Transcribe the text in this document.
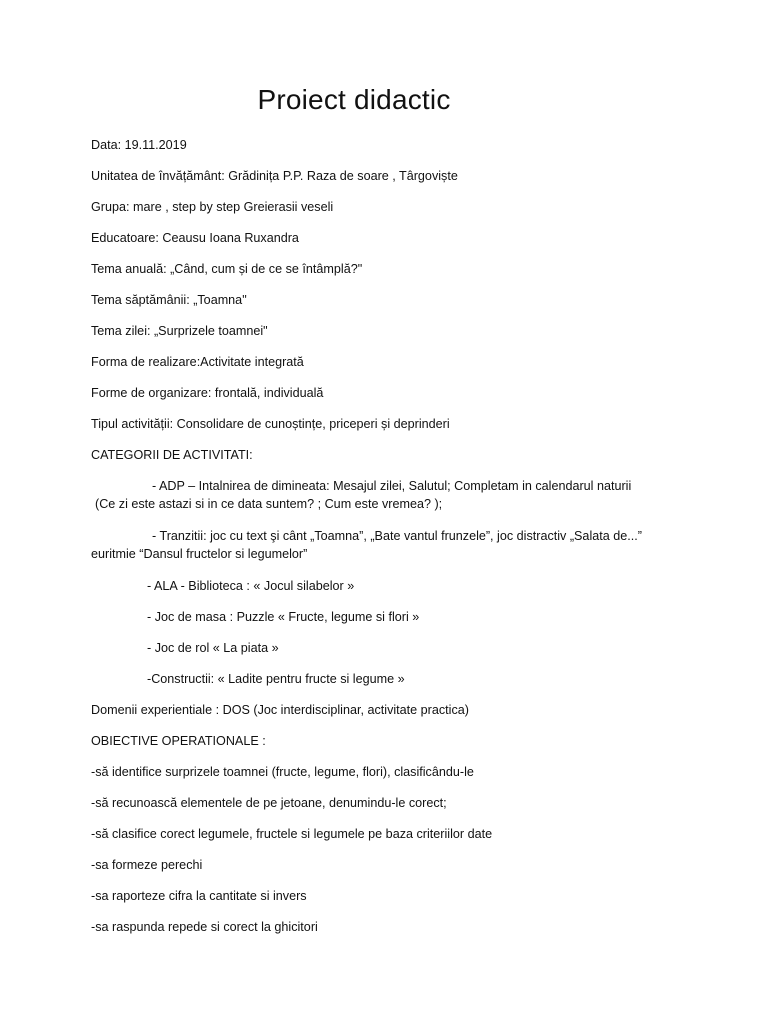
Proiect didactic
Data: 19.11.2019
Unitatea de învățământ: Grădinița P.P. Raza de soare , Târgoviște
Grupa: mare , step by step Greierasii veseli
Educatoare: Ceausu Ioana Ruxandra
Tema anuală: „Când, cum și de ce se întâmplă?"
Tema săptămânii: „Toamna"
Tema zilei: „Surprizele toamnei"
Forma de realizare:Activitate integrată
Forme de organizare: frontală, individuală
Tipul activității: Consolidare de cunoștințe, priceperi și deprinderi
CATEGORII DE ACTIVITATI:
- ADP – Intalnirea de dimineata: Mesajul zilei, Salutul; Completam in calendarul naturii
(Ce zi este astazi si in ce data suntem? ; Cum este vremea? );
- Tranzitii: joc cu text şi cânt „Toamna”, „Bate vantul frunzele”, joc distractiv „Salata de...”
euritmie “Dansul fructelor si legumelor”
- ALA - Biblioteca : « Jocul silabelor »
- Joc de masa : Puzzle « Fructe, legume si flori »
- Joc de rol « La piata »
-Constructii: « Ladite pentru fructe si legume »
Domenii experientiale : DOS (Joc interdisciplinar, activitate practica)
OBIECTIVE OPERATIONALE :
-să identifice surprizele toamnei (fructe, legume, flori), clasificându-le
-să recunoască elementele de pe jetoane, denumindu-le corect;
-să clasifice corect legumele, fructele si legumele pe baza criteriilor date
-sa formeze perechi
-sa raporteze cifra la cantitate si invers
-sa raspunda repede si corect la ghicitori
